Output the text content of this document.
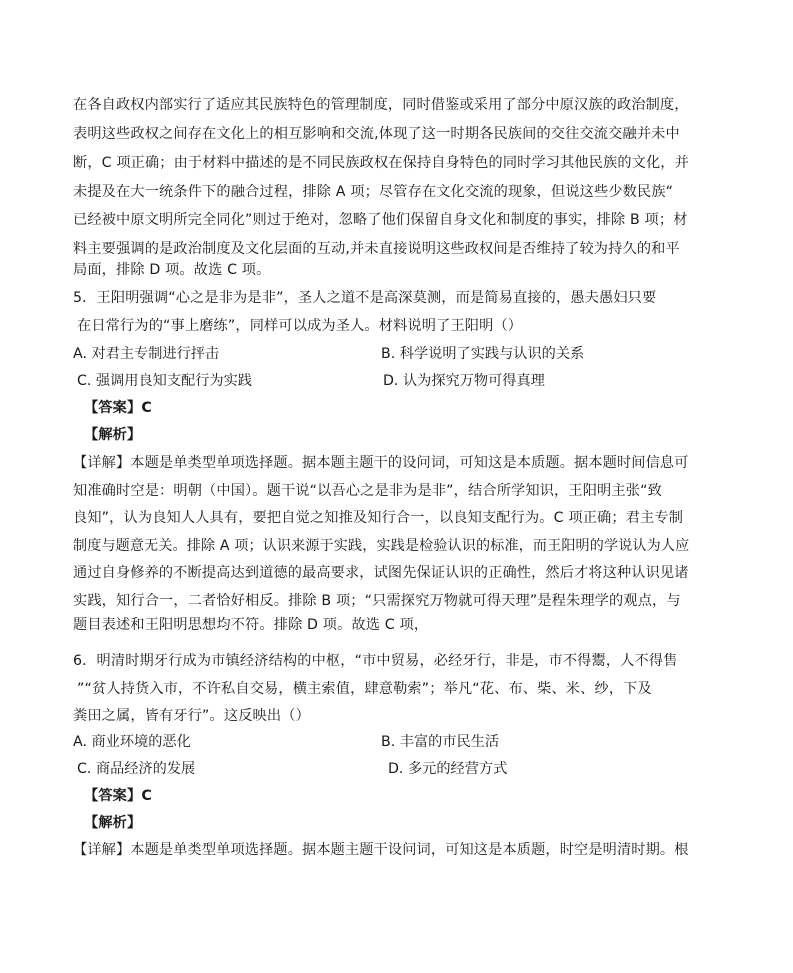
在各自政权内部实行了适应其民族特色的管理制度，同时借鉴或采用了部分中原汉族的政治制度，
表明这些政权之间存在文化上的相互影响和交流,体现了这一时期各民族间的交往交流交融并未中
断，C 项正确；由于材料中描述的是不同民族政权在保持自身特色的同时学习其他民族的文化，并
未提及在大一统条件下的融合过程，排除 A 项；尽管存在文化交流的现象，但说这些少数民族“
已经被中原文明所完全同化”则过于绝对，忽略了他们保留自身文化和制度的事实，排除 B 项；材
料主要强调的是政治制度及文化层面的互动,并未直接说明这些政权间是否维持了较为持久的和平
局面，排除 D 项。故选 C 项。
5．王阳明强调“心之是非为是非”，圣人之道不是高深莫测，而是简易直接的，愚夫愚妇只要
在日常行为的“事上磨练”，同样可以成为圣人。材料说明了王阳明（）
A. 对君主专制进行抨击	B. 科学说明了实践与认识的关系
C. 强调用良知支配行为实践	D. 认为探究万物可得真理
【答案】C
【解析】
【详解】本题是单类型单项选择题。据本题主题干的设问词，可知这是本质题。据本题时间信息可
知准确时空是：明朝（中国）。题干说“以吾心之是非为是非”，结合所学知识，王阳明主张“致
良知”，认为良知人人具有，要把自觉之知推及知行合一，以良知支配行为。C 项正确；君主专制
制度与题意无关。排除 A 项；认识来源于实践，实践是检验认识的标准，而王阳明的学说认为人应
通过自身修养的不断提高达到道德的最高要求，试图先保证认识的正确性，然后才将这种认识见诸
实践，知行合一，二者恰好相反。排除 B 项；“只需探究万物就可得天理”是程朱理学的观点，与
题目表述和王阳明思想均不符。排除 D 项。故选 C 项，
6．明清时期牙行成为市镇经济结构的中枢，“市中贸易，必经牙行，非是，市不得鬻，人不得售
”“贫人持货入市，不许私自交易，横主索值，肆意勒索”；举凡“花、布、柴、米、纱，下及
粪田之属，皆有牙行”。这反映出（）
A. 商业环境的恶化	B. 丰富的市民生活
C. 商品经济的发展	D. 多元的经营方式
【答案】C
【解析】
【详解】本题是单类型单项选择题。据本题主题干设问词，可知这是本质题，时空是明清时期。根
